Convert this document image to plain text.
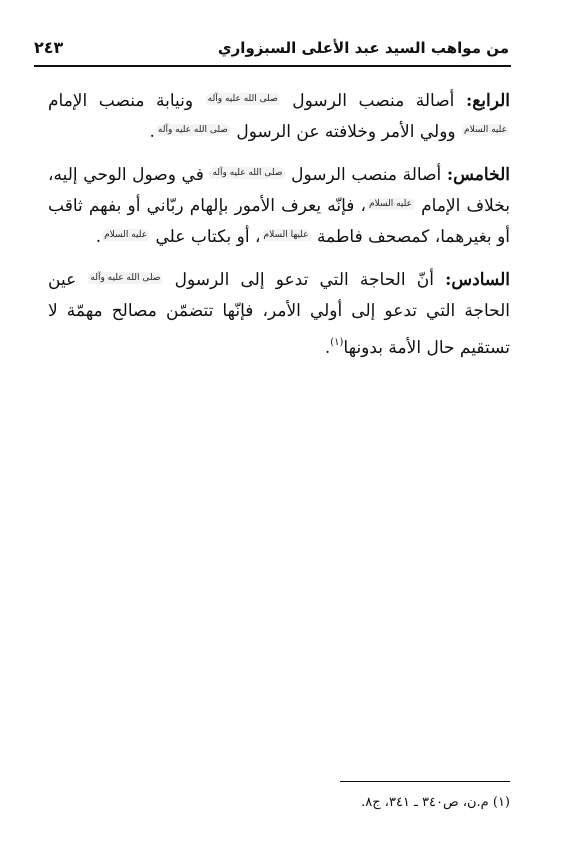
من مواهب السيد عبد الأعلى السبزواري
٢٤٣

الرابع: أصالة منصب الرسول صلى الله عليه وآله ونيابة منصب الإمام عليه السلام وولي الأمر وخلافته عن الرسول صلى الله عليه وآله.

الخامس: أصالة منصب الرسول صلى الله عليه وآله في وصول الوحي إليه، بخلاف الإمام عليه السلام، فإنّه يعرف الأمور بإلهام ربّاني أو بفهم ثاقب أو بغيرهما، كمصحف فاطمة عليها السلام، أو بكتاب علي عليه السلام.

السادس: أنّ الحاجة التي تدعو إلى الرسول صلى الله عليه وآله عين الحاجة التي تدعو إلى أولي الأمر، فإنّها تتضمّن مصالح مهمّة لا تستقيم حال الأمة بدونها$^{(١)}$.

(١) م.ن، ص٣٤٠ ـ ٣٤١، ج٨.
